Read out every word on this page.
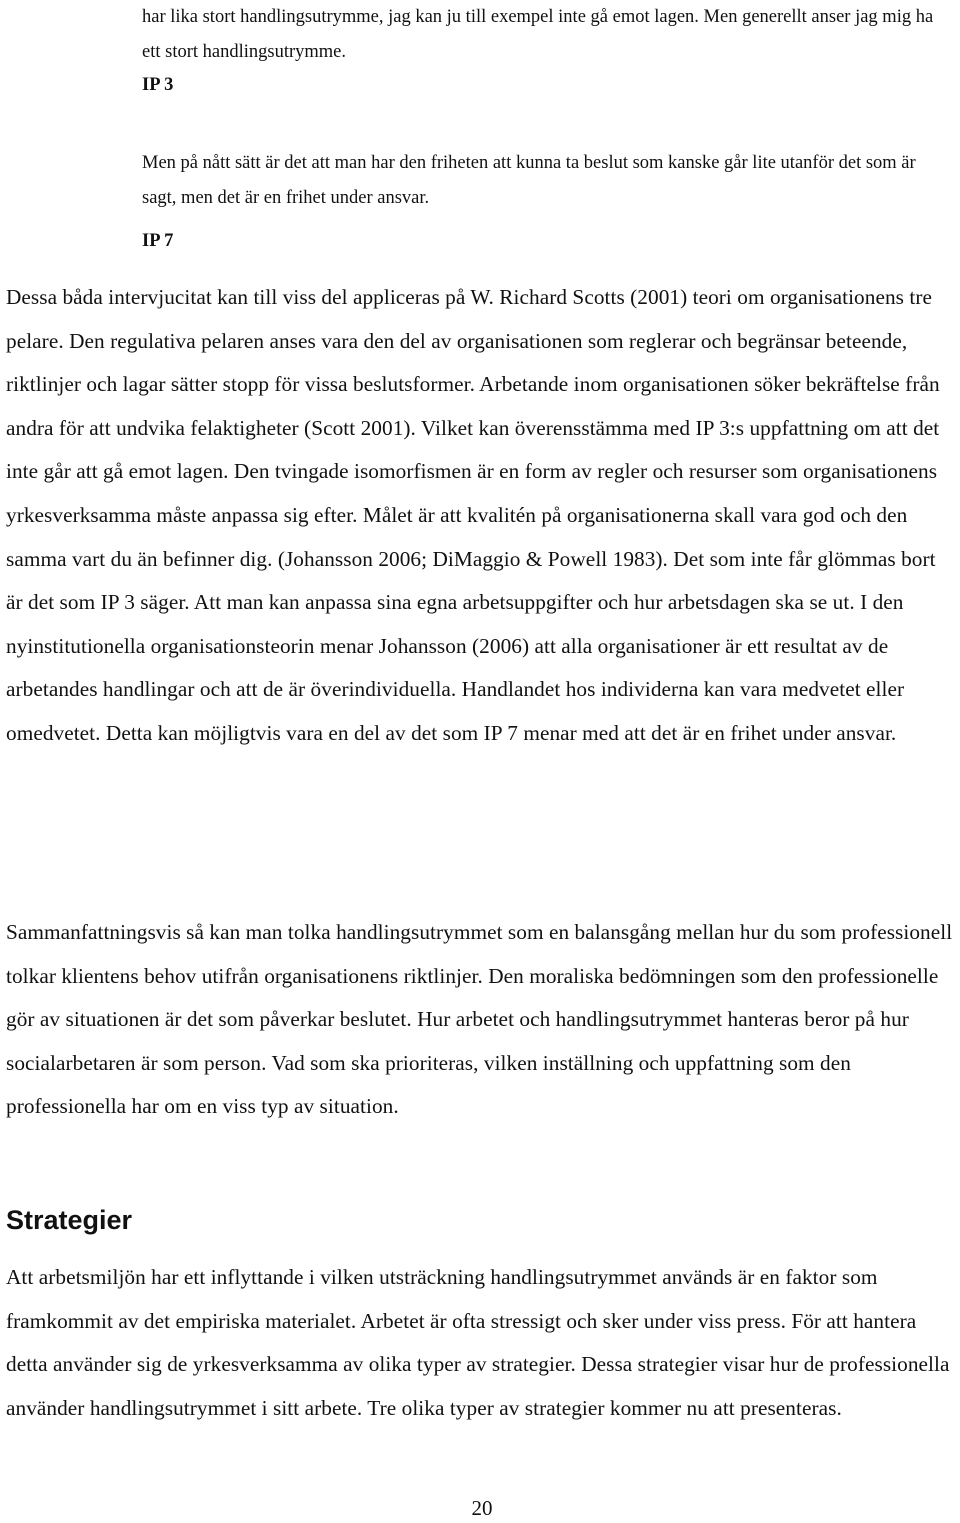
har lika stort handlingsutrymme, jag kan ju till exempel inte gå emot lagen. Men generellt anser jag mig ha ett stort handlingsutrymme.

IP 3

Men på nått sätt är det att man har den friheten att kunna ta beslut som kanske går lite utanför det som är sagt, men det är en frihet under ansvar.

IP 7

Dessa båda intervjucitat kan till viss del appliceras på W. Richard Scotts (2001) teori om organisationens tre pelare. Den regulativa pelaren anses vara den del av organisationen som reglerar och begränsar beteende, riktlinjer och lagar sätter stopp för vissa beslutsformer. Arbetande inom organisationen söker bekräftelse från andra för att undvika felaktigheter (Scott 2001). Vilket kan överensstämma med IP 3:s uppfattning om att det inte går att gå emot lagen. Den tvingade isomorfismen är en form av regler och resurser som organisationens yrkesverksamma måste anpassa sig efter. Målet är att kvalitén på organisationerna skall vara god och den samma vart du än befinner dig. (Johansson 2006; DiMaggio & Powell 1983). Det som inte får glömmas bort är det som IP 3 säger. Att man kan anpassa sina egna arbetsuppgifter och hur arbetsdagen ska se ut. I den nyinstitutionella organisationsteorin menar Johansson (2006) att alla organisationer är ett resultat av de arbetandes handlingar och att de är överindividuella. Handlandet hos individerna kan vara medvetet eller omedvetet. Detta kan möjligtvis vara en del av det som IP 7 menar med att det är en frihet under ansvar.

Sammanfattningsvis så kan man tolka handlingsutrymmet som en balansgång mellan hur du som professionell tolkar klientens behov utifrån organisationens riktlinjer. Den moraliska bedömningen som den professionelle gör av situationen är det som påverkar beslutet. Hur arbetet och handlingsutrymmet hanteras beror på hur socialarbetaren är som person. Vad som ska prioriteras, vilken inställning och uppfattning som den professionella har om en viss typ av situation.

Strategier

Att arbetsmiljön har ett inflyttande i vilken utsträckning handlingsutrymmet används är en faktor som framkommit av det empiriska materialet. Arbetet är ofta stressigt och sker under viss press. För att hantera detta använder sig de yrkesverksamma av olika typer av strategier. Dessa strategier visar hur de professionella använder handlingsutrymmet i sitt arbete. Tre olika typer av strategier kommer nu att presenteras.

20
